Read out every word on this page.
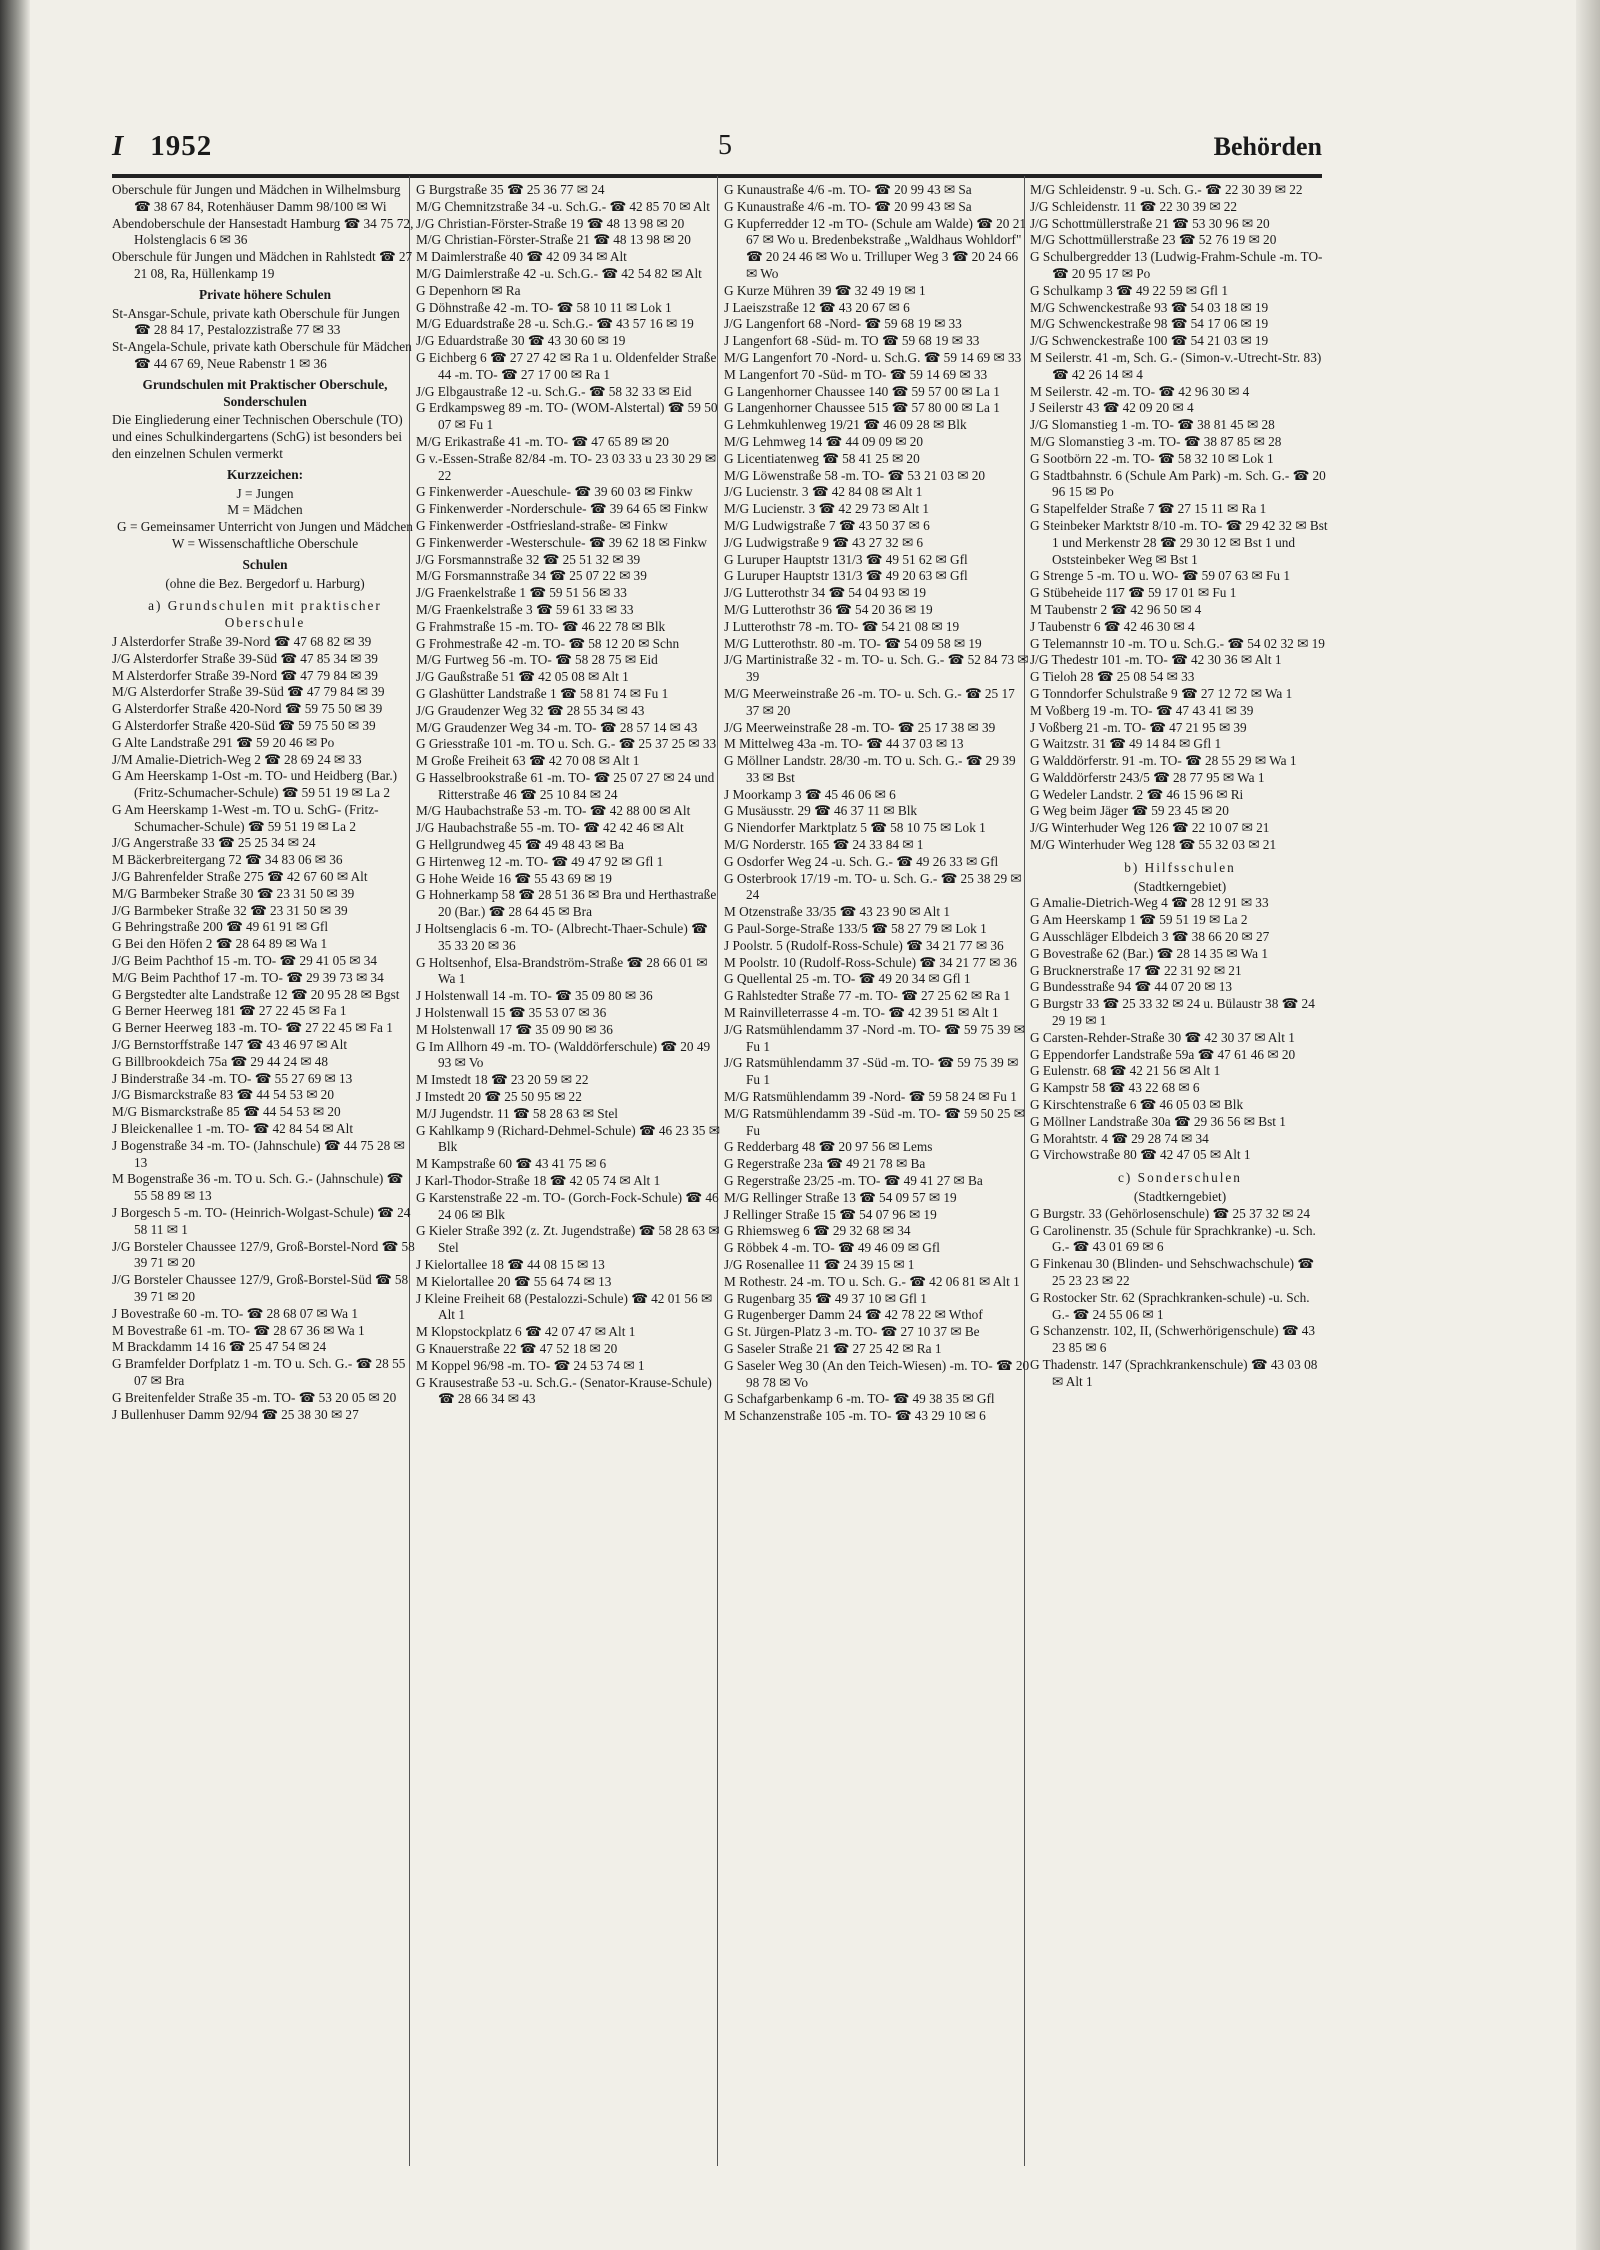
I 1952	5	Behörden

Oberschule für Jungen und Mädchen in Wilhelmsburg ☎ 38 67 84, Rotenhäuser Damm 98/100 ✉ Wi

Abendoberschule der Hansestadt Hamburg ☎ 34 75 72, Holstenglacis 6 ✉ 36

Oberschule für Jungen und Mädchen in Rahlstedt ☎ 27 21 08, Ra, Hüllenkamp 19

Private höhere Schulen

St-Ansgar-Schule, private kath Oberschule für Jungen ☎ 28 84 17, Pestalozzistraße 77 ✉ 33

St-Angela-Schule, private kath Oberschule für Mädchen ☎ 44 67 69, Neue Rabenstr 1 ✉ 36

Grundschulen mit Praktischer Oberschule, Sonderschulen

Die Eingliederung einer Technischen Oberschule (TO) und eines Schulkindergartens (SchG) ist besonders bei den einzelnen Schulen vermerkt

Kurzzeichen:

J = Jungen

M = Mädchen

G = Gemeinsamer Unterricht von Jungen und Mädchen

W = Wissenschaftliche Oberschule

Schulen

(ohne die Bez. Bergedorf u. Harburg)

a) Grundschulen mit praktischer Oberschule

J Alsterdorfer Straße 39-Nord ☎ 47 68 82 ✉ 39

J/G Alsterdorfer Straße 39-Süd ☎ 47 85 34 ✉ 39

M Alsterdorfer Straße 39-Nord ☎ 47 79 84 ✉ 39

M/G Alsterdorfer Straße 39-Süd ☎ 47 79 84 ✉ 39

G Alsterdorfer Straße 420-Nord ☎ 59 75 50 ✉ 39

G Alsterdorfer Straße 420-Süd ☎ 59 75 50 ✉ 39

G Alte Landstraße 291 ☎ 59 20 46 ✉ Po

J/M Amalie-Dietrich-Weg 2 ☎ 28 69 24 ✉ 33

G Am Heerskamp 1-Ost -m. TO- und Heidberg (Bar.) (Fritz-Schumacher-Schule) ☎ 59 51 19 ✉ La 2

G Am Heerskamp 1-West -m. TO u. SchG- (Fritz-Schumacher-Schule) ☎ 59 51 19 ✉ La 2

J/G Angerstraße 33 ☎ 25 25 34 ✉ 24

M Bäckerbreitergang 72 ☎ 34 83 06 ✉ 36

J/G Bahrenfelder Straße 275 ☎ 42 67 60 ✉ Alt

M/G Barmbeker Straße 30 ☎ 23 31 50 ✉ 39

J/G Barmbeker Straße 32 ☎ 23 31 50 ✉ 39

G Behringstraße 200 ☎ 49 61 91 ✉ Gfl

G Bei den Höfen 2 ☎ 28 64 89 ✉ Wa 1

J/G Beim Pachthof 15 -m. TO- ☎ 29 41 05 ✉ 34

M/G Beim Pachthof 17 -m. TO- ☎ 29 39 73 ✉ 34

G Bergstedter alte Landstraße 12 ☎ 20 95 28 ✉ Bgst

G Berner Heerweg 181 ☎ 27 22 45 ✉ Fa 1

G Berner Heerweg 183 -m. TO- ☎ 27 22 45 ✉ Fa 1

J/G Bernstorffstraße 147 ☎ 43 46 97 ✉ Alt

G Billbrookdeich 75a ☎ 29 44 24 ✉ 48

J Binderstraße 34 -m. TO- ☎ 55 27 69 ✉ 13

J/G Bismarckstraße 83 ☎ 44 54 53 ✉ 20

M/G Bismarckstraße 85 ☎ 44 54 53 ✉ 20

J Bleickenallee 1 -m. TO- ☎ 42 84 54 ✉ Alt

J Bogenstraße 34 -m. TO- (Jahnschule) ☎ 44 75 28 ✉ 13

M Bogenstraße 36 -m. TO u. Sch. G.- (Jahnschule) ☎ 55 58 89 ✉ 13

J Borgesch 5 -m. TO- (Heinrich-Wolgast-Schule) ☎ 24 58 11 ✉ 1

J/G Borsteler Chaussee 127/9, Groß-Borstel-Nord ☎ 58 39 71 ✉ 20

J/G Borsteler Chaussee 127/9, Groß-Borstel-Süd ☎ 58 39 71 ✉ 20

J Bovestraße 60 -m. TO- ☎ 28 68 07 ✉ Wa 1

M Bovestraße 61 -m. TO- ☎ 28 67 36 ✉ Wa 1

M Brackdamm 14 16 ☎ 25 47 54 ✉ 24

G Bramfelder Dorfplatz 1 -m. TO u. Sch. G.- ☎ 28 55 07 ✉ Bra

G Breitenfelder Straße 35 -m. TO- ☎ 53 20 05 ✉ 20

J Bullenhuser Damm 92/94 ☎ 25 38 30 ✉ 27

G Burgstraße 35 ☎ 25 36 77 ✉ 24

M/G Chemnitzstraße 34 -u. Sch.G.- ☎ 42 85 70 ✉ Alt

J/G Christian-Förster-Straße 19 ☎ 48 13 98 ✉ 20

M/G Christian-Förster-Straße 21 ☎ 48 13 98 ✉ 20

M Daimlerstraße 40 ☎ 42 09 34 ✉ Alt

M/G Daimlerstraße 42 -u. Sch.G.- ☎ 42 54 82 ✉ Alt

G Depenhorn ✉ Ra

G Döhnstraße 42 -m. TO- ☎ 58 10 11 ✉ Lok 1

M/G Eduardstraße 28 -u. Sch.G.- ☎ 43 57 16 ✉ 19

J/G Eduardstraße 30 ☎ 43 30 60 ✉ 19

G Eichberg 6 ☎ 27 27 42 ✉ Ra 1 u. Oldenfelder Straße 44 -m. TO- ☎ 27 17 00 ✉ Ra 1

J/G Elbgaustraße 12 -u. Sch.G.- ☎ 58 32 33 ✉ Eid

G Erdkampsweg 89 -m. TO- (WOM-Alstertal) ☎ 59 50 07 ✉ Fu 1

M/G Erikastraße 41 -m. TO- ☎ 47 65 89 ✉ 20

G v.-Essen-Straße 82/84 -m. TO- 23 03 33 u 23 30 29 ✉ 22

G Finkenwerder -Aueschule- ☎ 39 60 03 ✉ Finkw

G Finkenwerder -Norderschule- ☎ 39 64 65 ✉ Finkw

G Finkenwerder -Ostfriesland-straße- ✉ Finkw

G Finkenwerder -Westerschule- ☎ 39 62 18 ✉ Finkw

J/G Forsmannstraße 32 ☎ 25 51 32 ✉ 39

M/G Forsmannstraße 34 ☎ 25 07 22 ✉ 39

J/G Fraenkelstraße 1 ☎ 59 51 56 ✉ 33

M/G Fraenkelstraße 3 ☎ 59 61 33 ✉ 33

G Frahmstraße 15 -m. TO- ☎ 46 22 78 ✉ Blk

G Frohmestraße 42 -m. TO- ☎ 58 12 20 ✉ Schn

M/G Furtweg 56 -m. TO- ☎ 58 28 75 ✉ Eid

J/G Gaußstraße 51 ☎ 42 05 08 ✉ Alt 1

G Glashütter Landstraße 1 ☎ 58 81 74 ✉ Fu 1

J/G Graudenzer Weg 32 ☎ 28 55 34 ✉ 43

M/G Graudenzer Weg 34 -m. TO- ☎ 28 57 14 ✉ 43

G Griesstraße 101 -m. TO u. Sch. G.- ☎ 25 37 25 ✉ 33

M Große Freiheit 63 ☎ 42 70 08 ✉ Alt 1

G Hasselbrookstraße 61 -m. TO- ☎ 25 07 27 ✉ 24 und Ritterstraße 46 ☎ 25 10 84 ✉ 24

M/G Haubachstraße 53 -m. TO- ☎ 42 88 00 ✉ Alt

J/G Haubachstraße 55 -m. TO- ☎ 42 42 46 ✉ Alt

G Hellgrundweg 45 ☎ 49 48 43 ✉ Ba

G Hirtenweg 12 -m. TO- ☎ 49 47 92 ✉ Gfl 1

G Hohe Weide 16 ☎ 55 43 69 ✉ 19

G Hohnerkamp 58 ☎ 28 51 36 ✉ Bra und Herthastraße 20 (Bar.) ☎ 28 64 45 ✉ Bra

J Holtsenglacis 6 -m. TO- (Albrecht-Thaer-Schule) ☎ 35 33 20 ✉ 36

G Holtsenhof, Elsa-Brandström-Straße ☎ 28 66 01 ✉ Wa 1

J Holstenwall 14 -m. TO- ☎ 35 09 80 ✉ 36

J Holstenwall 15 ☎ 35 53 07 ✉ 36

M Holstenwall 17 ☎ 35 09 90 ✉ 36

G Im Allhorn 49 -m. TO- (Walddörferschule) ☎ 20 49 93 ✉ Vo

M Imstedt 18 ☎ 23 20 59 ✉ 22

J Imstedt 20 ☎ 25 50 95 ✉ 22

M/J Jugendstr. 11 ☎ 58 28 63 ✉ Stel

G Kahlkamp 9 (Richard-Dehmel-Schule) ☎ 46 23 35 ✉ Blk

M Kampstraße 60 ☎ 43 41 75 ✉ 6

J Karl-Thodor-Straße 18 ☎ 42 05 74 ✉ Alt 1

G Karstenstraße 22 -m. TO- (Gorch-Fock-Schule) ☎ 46 24 06 ✉ Blk

G Kieler Straße 392 (z. Zt. Jugendstraße) ☎ 58 28 63 ✉ Stel

J Kielortallee 18 ☎ 44 08 15 ✉ 13

M Kielortallee 20 ☎ 55 64 74 ✉ 13

J Kleine Freiheit 68 (Pestalozzi-Schule) ☎ 42 01 56 ✉ Alt 1

M Klopstockplatz 6 ☎ 42 07 47 ✉ Alt 1

G Knauerstraße 22 ☎ 47 52 18 ✉ 20

M Koppel 96/98 -m. TO- ☎ 24 53 74 ✉ 1

G Krausestraße 53 -u. Sch.G.- (Senator-Krause-Schule) ☎ 28 66 34 ✉ 43

G Kunaustraße 4/6 -m. TO- ☎ 20 99 43 ✉ Sa

G Kunaustraße 4/6 -m. TO- ☎ 20 99 43 ✉ Sa

G Kupferredder 12 -m TO- (Schule am Walde) ☎ 20 21 67 ✉ Wo u. Bredenbekstraße „Waldhaus Wohldorf" ☎ 20 24 46 ✉ Wo u. Trilluper Weg 3 ☎ 20 24 66 ✉ Wo

G Kurze Mühren 39 ☎ 32 49 19 ✉ 1

J Laeiszstraße 12 ☎ 43 20 67 ✉ 6

J/G Langenfort 68 -Nord- ☎ 59 68 19 ✉ 33

J Langenfort 68 -Süd- m. TO ☎ 59 68 19 ✉ 33

M/G Langenfort 70 -Nord- u. Sch.G. ☎ 59 14 69 ✉ 33

M Langenfort 70 -Süd- m TO- ☎ 59 14 69 ✉ 33

G Langenhorner Chaussee 140 ☎ 59 57 00 ✉ La 1

G Langenhorner Chaussee 515 ☎ 57 80 00 ✉ La 1

G Lehmkuhlenweg 19/21 ☎ 46 09 28 ✉ Blk

M/G Lehmweg 14 ☎ 44 09 09 ✉ 20

G Licentiatenweg ☎ 58 41 25 ✉ 20

M/G Löwenstraße 58 -m. TO- ☎ 53 21 03 ✉ 20

J/G Lucienstr. 3 ☎ 42 84 08 ✉ Alt 1

M/G Lucienstr. 3 ☎ 42 29 73 ✉ Alt 1

M/G Ludwigstraße 7 ☎ 43 50 37 ✉ 6

J/G Ludwigstraße 9 ☎ 43 27 32 ✉ 6

G Luruper Hauptstr 131/3 ☎ 49 51 62 ✉ Gfl

G Luruper Hauptstr 131/3 ☎ 49 20 63 ✉ Gfl

J/G Lutterothstr 34 ☎ 54 04 93 ✉ 19

M/G Lutterothstr 36 ☎ 54 20 36 ✉ 19

J Lutterothstr 78 -m. TO- ☎ 54 21 08 ✉ 19

M/G Lutterothstr. 80 -m. TO- ☎ 54 09 58 ✉ 19

J/G Martinistraße 32 - m. TO- u. Sch. G.- ☎ 52 84 73 ✉ 39

M/G Meerweinstraße 26 -m. TO- u. Sch. G.- ☎ 25 17 37 ✉ 20

J/G Meerweinstraße 28 -m. TO- ☎ 25 17 38 ✉ 39

M Mittelweg 43a -m. TO- ☎ 44 37 03 ✉ 13

G Möllner Landstr. 28/30 -m. TO u. Sch. G.- ☎ 29 39 33 ✉ Bst

J Moorkamp 3 ☎ 45 46 06 ✉ 6

G Musäusstr. 29 ☎ 46 37 11 ✉ Blk

G Niendorfer Marktplatz 5 ☎ 58 10 75 ✉ Lok 1

M/G Norderstr. 165 ☎ 24 33 84 ✉ 1

G Osdorfer Weg 24 -u. Sch. G.- ☎ 49 26 33 ✉ Gfl

G Osterbrook 17/19 -m. TO- u. Sch. G.- ☎ 25 38 29 ✉ 24

M Otzenstraße 33/35 ☎ 43 23 90 ✉ Alt 1

G Paul-Sorge-Straße 133/5 ☎ 58 27 79 ✉ Lok 1

J Poolstr. 5 (Rudolf-Ross-Schule) ☎ 34 21 77 ✉ 36

M Poolstr. 10 (Rudolf-Ross-Schule) ☎ 34 21 77 ✉ 36

G Quellental 25 -m. TO- ☎ 49 20 34 ✉ Gfl 1

G Rahlstedter Straße 77 -m. TO- ☎ 27 25 62 ✉ Ra 1

M Rainvilleterrasse 4 -m. TO- ☎ 42 39 51 ✉ Alt 1

J/G Ratsmühlendamm 37 -Nord -m. TO- ☎ 59 75 39 ✉ Fu 1

J/G Ratsmühlendamm 37 -Süd -m. TO- ☎ 59 75 39 ✉ Fu 1

M/G Ratsmühlendamm 39 -Nord- ☎ 59 58 24 ✉ Fu 1

M/G Ratsmühlendamm 39 -Süd -m. TO- ☎ 59 50 25 ✉ Fu

G Redderbarg 48 ☎ 20 97 56 ✉ Lems

G Regerstraße 23a ☎ 49 21 78 ✉ Ba

G Regerstraße 23/25 -m. TO- ☎ 49 41 27 ✉ Ba

M/G Rellinger Straße 13 ☎ 54 09 57 ✉ 19

J Rellinger Straße 15 ☎ 54 07 96 ✉ 19

G Rhiemsweg 6 ☎ 29 32 68 ✉ 34

G Röbbek 4 -m. TO- ☎ 49 46 09 ✉ Gfl

J/G Rosenallee 11 ☎ 24 39 15 ✉ 1

M Rothestr. 24 -m. TO u. Sch. G.- ☎ 42 06 81 ✉ Alt 1

G Rugenbarg 35 ☎ 49 37 10 ✉ Gfl 1

G Rugenberger Damm 24 ☎ 42 78 22 ✉ Wthof

G St. Jürgen-Platz 3 -m. TO- ☎ 27 10 37 ✉ Be

G Saseler Straße 21 ☎ 27 25 42 ✉ Ra 1

G Saseler Weg 30 (An den Teich-Wiesen) -m. TO- ☎ 20 98 78 ✉ Vo

G Schafgarbenkamp 6 -m. TO- ☎ 49 38 35 ✉ Gfl

M Schanzenstraße 105 -m. TO- ☎ 43 29 10 ✉ 6

M/G Schleidenstr. 9 -u. Sch. G.- ☎ 22 30 39 ✉ 22

J/G Schleidenstr. 11 ☎ 22 30 39 ✉ 22

J/G Schottmüllerstraße 21 ☎ 53 30 96 ✉ 20

M/G Schottmüllerstraße 23 ☎ 52 76 19 ✉ 20

G Schulbergredder 13 (Ludwig-Frahm-Schule -m. TO- ☎ 20 95 17 ✉ Po

G Schulkamp 3 ☎ 49 22 59 ✉ Gfl 1

M/G Schwenckestraße 93 ☎ 54 03 18 ✉ 19

M/G Schwenckestraße 98 ☎ 54 17 06 ✉ 19

J/G Schwenckestraße 100 ☎ 54 21 03 ✉ 19

M Seilerstr. 41 -m, Sch. G.- (Simon-v.-Utrecht-Str. 83) ☎ 42 26 14 ✉ 4

M Seilerstr. 42 -m. TO- ☎ 42 96 30 ✉ 4

J Seilerstr 43 ☎ 42 09 20 ✉ 4

J/G Slomanstieg 1 -m. TO- ☎ 38 81 45 ✉ 28

M/G Slomanstieg 3 -m. TO- ☎ 38 87 85 ✉ 28

G Sootbörn 22 -m. TO- ☎ 58 32 10 ✉ Lok 1

G Stadtbahnstr. 6 (Schule Am Park) -m. Sch. G.- ☎ 20 96 15 ✉ Po

G Stapelfelder Straße 7 ☎ 27 15 11 ✉ Ra 1

G Steinbeker Marktstr 8/10 -m. TO- ☎ 29 42 32 ✉ Bst 1 und Merkenstr 28 ☎ 29 30 12 ✉ Bst 1 und Oststeinbeker Weg ✉ Bst 1

G Strenge 5 -m. TO u. WO- ☎ 59 07 63 ✉ Fu 1

G Stübeheide 117 ☎ 59 17 01 ✉ Fu 1

M Taubenstr 2 ☎ 42 96 50 ✉ 4

J Taubenstr 6 ☎ 42 46 30 ✉ 4

G Telemannstr 10 -m. TO u. Sch.G.- ☎ 54 02 32 ✉ 19

J/G Thedestr 101 -m. TO- ☎ 42 30 36 ✉ Alt 1

G Tieloh 28 ☎ 25 08 54 ✉ 33

G Tonndorfer Schulstraße 9 ☎ 27 12 72 ✉ Wa 1

M Voßberg 19 -m. TO- ☎ 47 43 41 ✉ 39

J Voßberg 21 -m. TO- ☎ 47 21 95 ✉ 39

G Waitzstr. 31 ☎ 49 14 84 ✉ Gfl 1

G Walddörferstr. 91 -m. TO- ☎ 28 55 29 ✉ Wa 1

G Walddörferstr 243/5 ☎ 28 77 95 ✉ Wa 1

G Wedeler Landstr. 2 ☎ 46 15 96 ✉ Ri

G Weg beim Jäger ☎ 59 23 45 ✉ 20

J/G Winterhuder Weg 126 ☎ 22 10 07 ✉ 21

M/G Winterhuder Weg 128 ☎ 55 32 03 ✉ 21

b) Hilfsschulen

(Stadtkerngebiet)

G Amalie-Dietrich-Weg 4 ☎ 28 12 91 ✉ 33

G Am Heerskamp 1 ☎ 59 51 19 ✉ La 2

G Ausschläger Elbdeich 3 ☎ 38 66 20 ✉ 27

G Bovestraße 62 (Bar.) ☎ 28 14 35 ✉ Wa 1

G Brucknerstraße 17 ☎ 22 31 92 ✉ 21

G Bundesstraße 94 ☎ 44 07 20 ✉ 13

G Burgstr 33 ☎ 25 33 32 ✉ 24 u. Bülaustr 38 ☎ 24 29 19 ✉ 1

G Carsten-Rehder-Straße 30 ☎ 42 30 37 ✉ Alt 1

G Eppendorfer Landstraße 59a ☎ 47 61 46 ✉ 20

G Eulenstr. 68 ☎ 42 21 56 ✉ Alt 1

G Kampstr 58 ☎ 43 22 68 ✉ 6

G Kirschtenstraße 6 ☎ 46 05 03 ✉ Blk

G Möllner Landstraße 30a ☎ 29 36 56 ✉ Bst 1

G Morahtstr. 4 ☎ 29 28 74 ✉ 34

G Virchowstraße 80 ☎ 42 47 05 ✉ Alt 1

c) Sonderschulen

(Stadtkerngebiet)

G Burgstr. 33 (Gehörlosenschule) ☎ 25 37 32 ✉ 24

G Carolinenstr. 35 (Schule für Sprachkranke) -u. Sch. G.- ☎ 43 01 69 ✉ 6

G Finkenau 30 (Blinden- und Sehschwachschule) ☎ 25 23 23 ✉ 22

G Rostocker Str. 62 (Sprachkranken-schule) -u. Sch. G.- ☎ 24 55 06 ✉ 1

G Schanzenstr. 102, II, (Schwerhörigenschule) ☎ 43 23 85 ✉ 6

G Thadenstr. 147 (Sprachkrankenschule) ☎ 43 03 08 ✉ Alt 1
